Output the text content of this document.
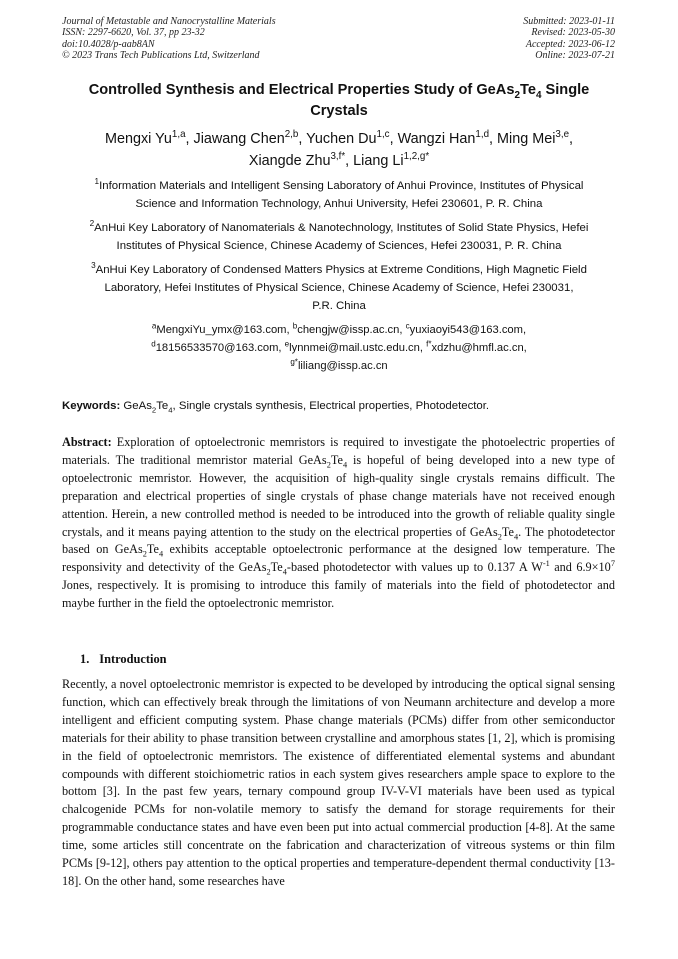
Journal of Metastable and Nanocrystalline Materials
ISSN: 2297-6620, Vol. 37, pp 23-32
doi:10.4028/p-aab8AN
© 2023 Trans Tech Publications Ltd, Switzerland
Submitted: 2023-01-11
Revised: 2023-05-30
Accepted: 2023-06-12
Online: 2023-07-21
Controlled Synthesis and Electrical Properties Study of $GeAs_2Te_4$ Single
Crystals
Mengxi Yu$^{1,a}$, Jiawang Chen$^{2,b}$, Yuchen Du$^{1,c}$, Wangzi Han$^{1,d}$, Ming Mei$^{3,e}$,
Xiangde Zhu$^{3,f*}$, Liang $Li^{1,2,g*}$
$^1$Information Materials and Intelligent Sensing Laboratory of Anhui Province, Institutes of Physical
Science and Information Technology, Anhui University, Hefei 230601, P. R. China
$^2$AnHui Key Laboratory of Nanomaterials & Nanotechnology, Institutes of Solid State Physics, Hefei
Institutes of Physical Science, Chinese Academy of Sciences, Hefei 230031, P. R. China
$^3$AnHui Key Laboratory of Condensed Matters Physics at Extreme Conditions, High Magnetic Field
Laboratory, Hefei Institutes of Physical Science, Chinese Academy of Science, Hefei 230031,
P.R. China
$^a$MengxiYu_ymx@163.com, $^b$chengjw@issp.ac.cn, $^c$yuxiaoyi543@163.com,
$^d$18156533570@163.com, $^e$lynnmei@mail.ustc.edu.cn, $^{f*}$xdzhu@hmfl.ac.cn,
$^{g*}$liliang@issp.ac.cn
Keywords: $GeAs_2Te_4$, Single crystals synthesis, Electrical properties, Photodetector.
Abstract: Exploration of optoelectronic memristors is required to investigate the photoelectric properties of materials. The traditional memristor material $GeAs_2Te_4$ is hopeful of being developed into a new type of optoelectronic memristor. However, the acquisition of high-quality single crystals remains difficult. The preparation and electrical properties of single crystals of phase change materials have not received enough attention. Herein, a new controlled method is needed to be introduced into the growth of reliable quality single crystals, and it means paying attention to the study on the electrical properties of $GeAs_2Te_4$. The photodetector based on $GeAs_2Te_4$ exhibits acceptable optoelectronic performance at the designed low temperature. The responsivity and detectivity of the $GeAs_2Te_4$-based photodetector with values up to 0.137 A $W^{-1}$ and $6.9\times 10^7$ Jones, respectively. It is promising to introduce this family of materials into the field of photodetector and maybe further in the field the optoelectronic memristor.
1. Introduction
Recently, a novel optoelectronic memristor is expected to be developed by introducing the optical signal sensing function, which can effectively break through the limitations of von Neumann architecture and develop a more intelligent and efficient computing system. Phase change materials (PCMs) differ from other semiconductor materials for their ability to phase transition between crystalline and amorphous states [1, 2], which is promising in the field of optoelectronic memristors. The existence of differentiated elemental systems and abundant compounds with different stoichiometric ratios in each system gives researchers ample space to explore to the bottom [3]. In the past few years, ternary compound group IV-V-VI materials have been used as typical chalcogenide PCMs for non-volatile memory to satisfy the demand for storage requirements for their programmable conductance states and have even been put into actual commercial production [4-8]. At the same time, some articles still concentrate on the fabrication and characterization of vitreous systems or thin film PCMs [9-12], others pay attention to the optical properties and temperature-dependent thermal conductivity [13-18]. On the other hand, some researches have
